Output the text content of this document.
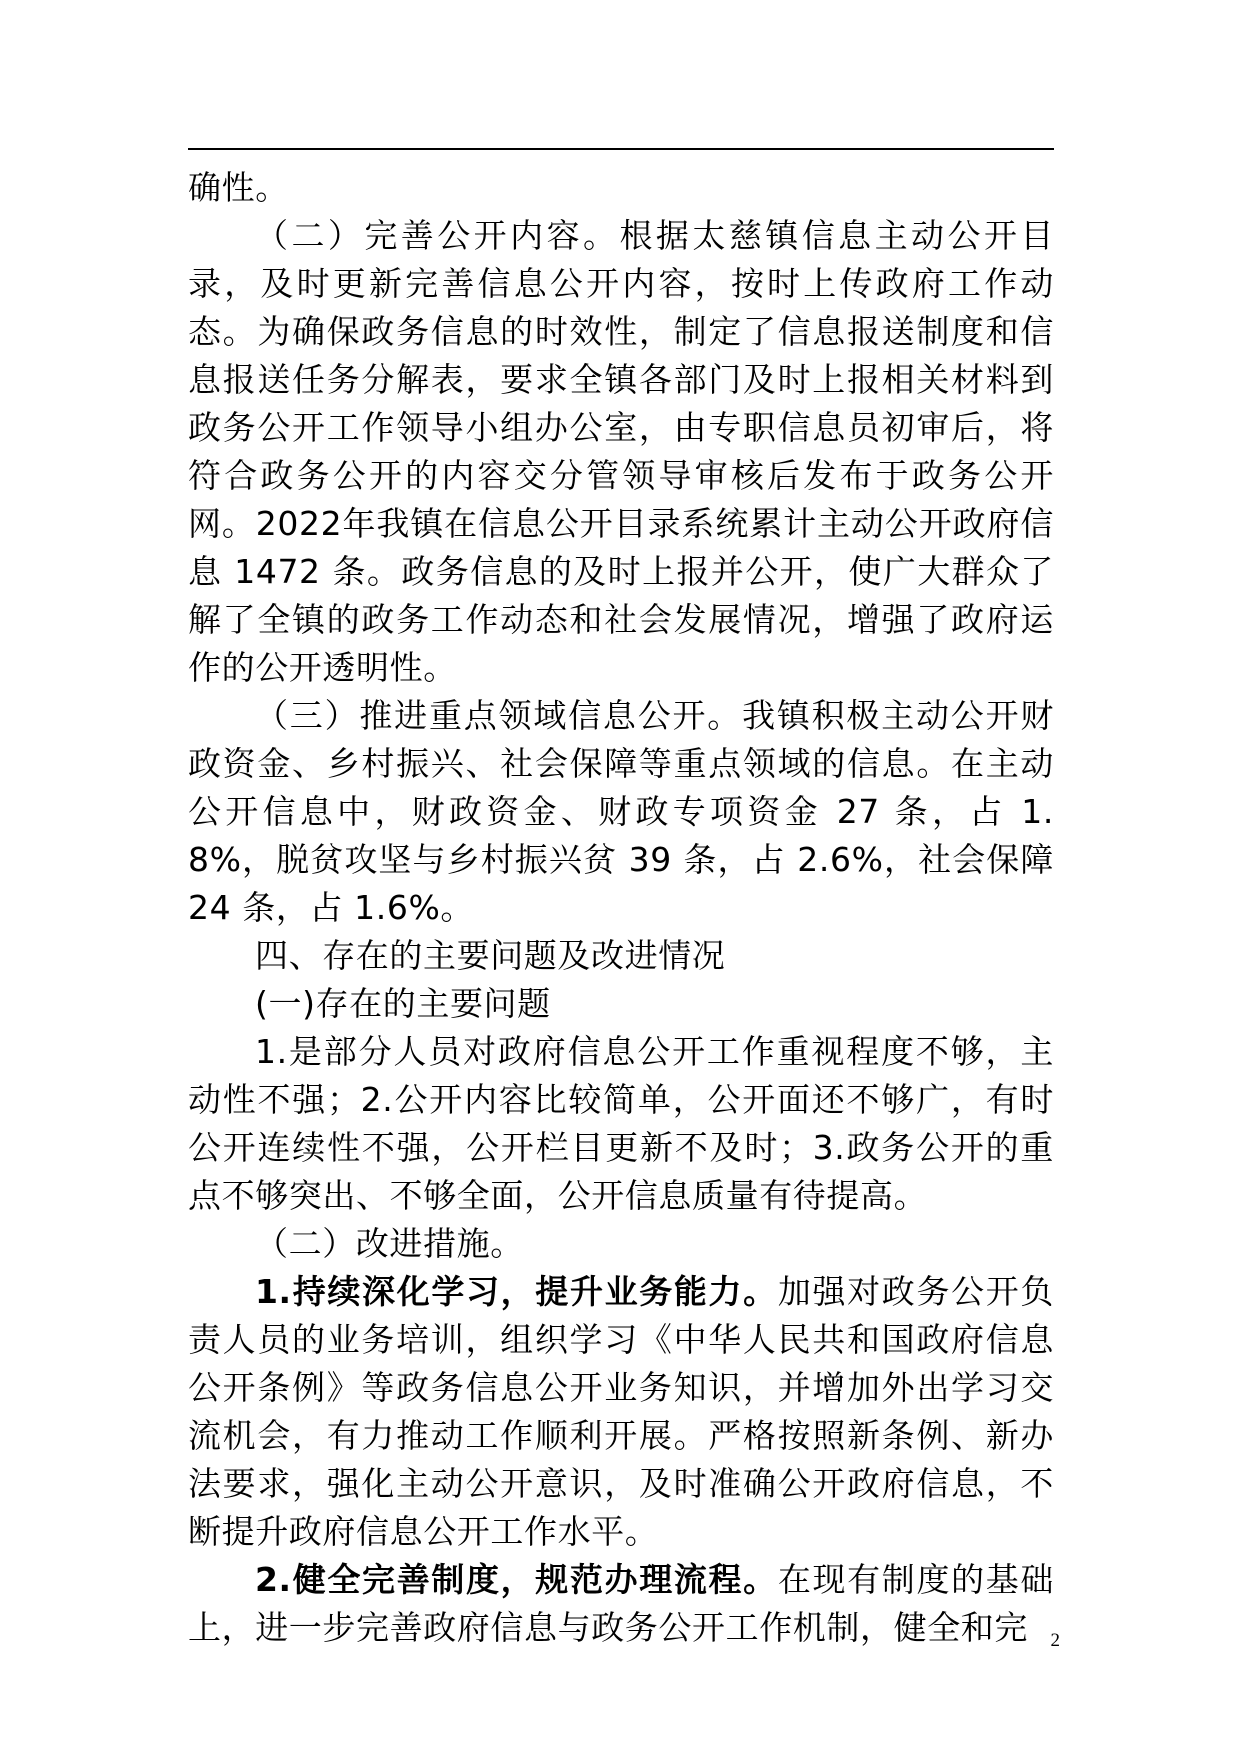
确性。

（二）完善公开内容。根据太慈镇信息主动公开目录，及时更新完善信息公开内容，按时上传政府工作动态。为确保政务信息的时效性，制定了信息报送制度和信息报送任务分解表，要求全镇各部门及时上报相关材料到政务公开工作领导小组办公室，由专职信息员初审后，将符合政务公开的内容交分管领导审核后发布于政务公开网。2022年我镇在信息公开目录系统累计主动公开政府信息 1472 条。政务信息的及时上报并公开，使广大群众了解了全镇的政务工作动态和社会发展情况，增强了政府运作的公开透明性。

（三）推进重点领域信息公开。我镇积极主动公开财政资金、乡村振兴、社会保障等重点领域的信息。在主动公开信息中，财政资金、财政专项资金 27 条，占 1.8%，脱贫攻坚与乡村振兴贫 39 条，占 2.6%，社会保障 24 条，占 1.6%。

四、存在的主要问题及改进情况

(一)存在的主要问题

1.是部分人员对政府信息公开工作重视程度不够，主动性不强；2.公开内容比较简单，公开面还不够广，有时公开连续性不强，公开栏目更新不及时；3.政务公开的重点不够突出、不够全面，公开信息质量有待提高。

（二）改进措施。

1.持续深化学习，提升业务能力。加强对政务公开负责人员的业务培训，组织学习《中华人民共和国政府信息公开条例》等政务信息公开业务知识，并增加外出学习交流机会，有力推动工作顺利开展。严格按照新条例、新办法要求，强化主动公开意识，及时准确公开政府信息，不断提升政府信息公开工作水平。

2.健全完善制度，规范办理流程。在现有制度的基础上，进一步完善政府信息与政务公开工作机制，健全和完	2
